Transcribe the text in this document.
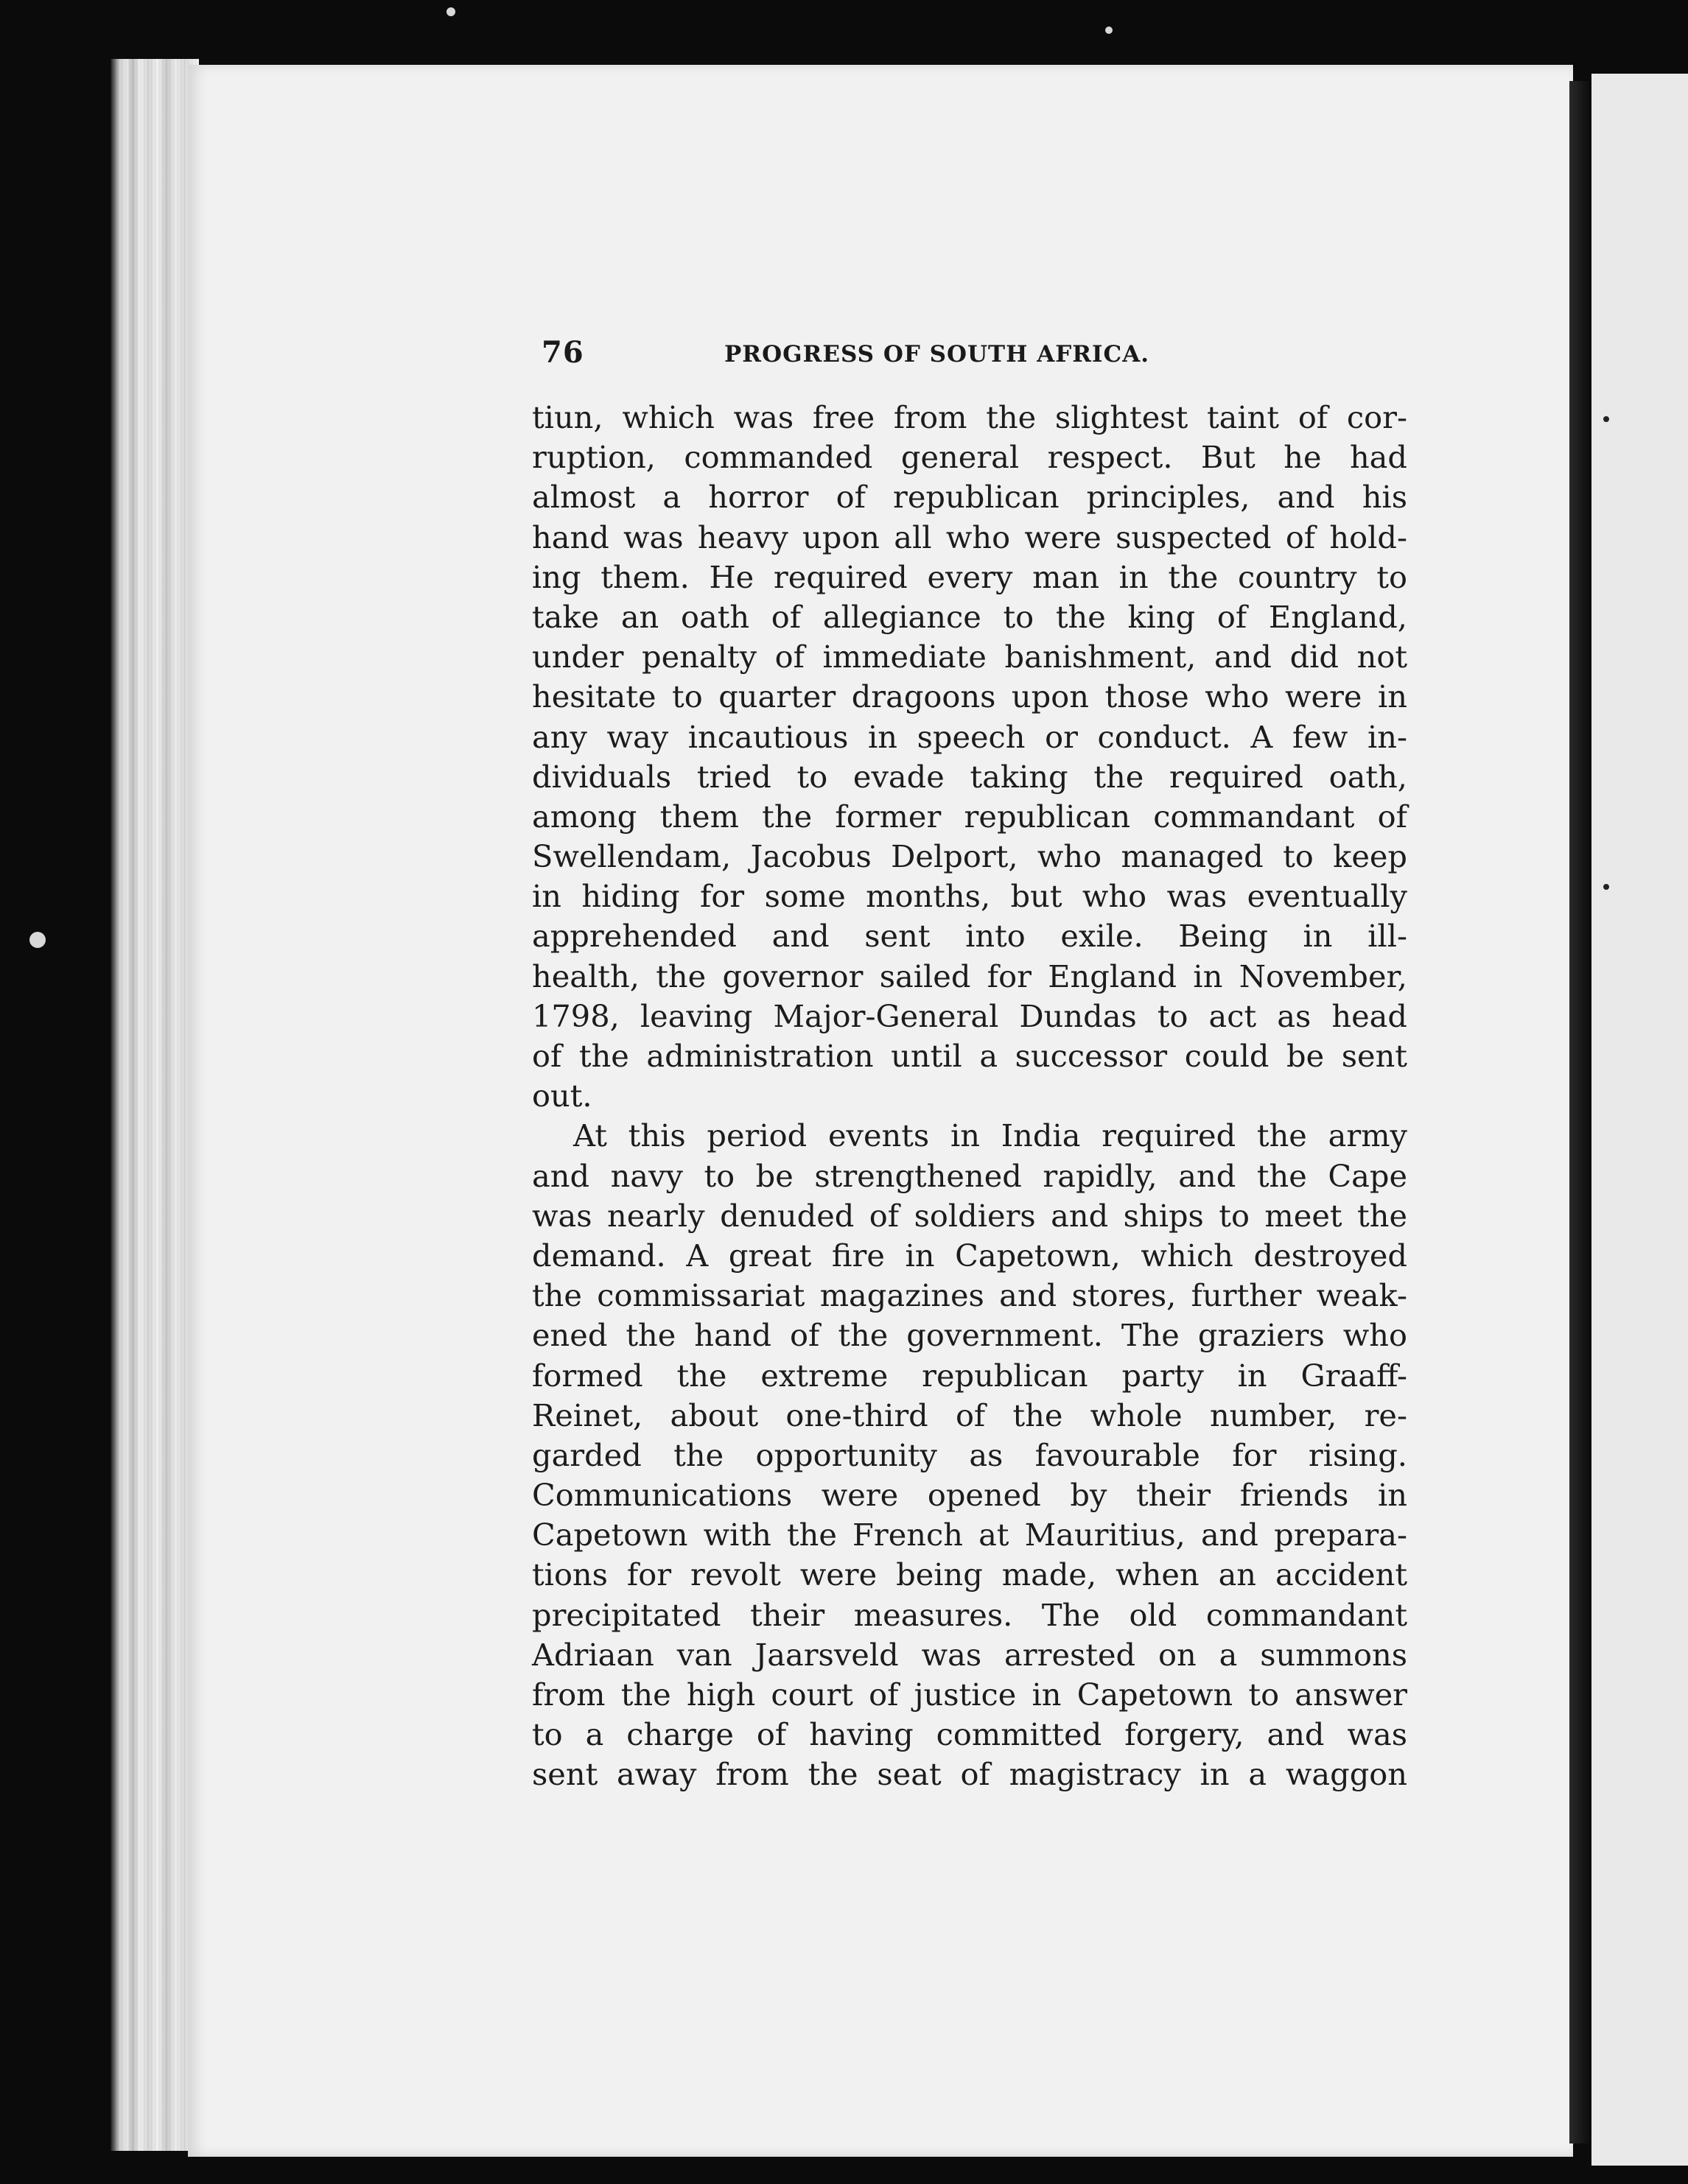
76	PROGRESS OF SOUTH AFRICA.
tiun, which was free from the slightest taint of cor-
ruption, commanded general respect. But he had
almost a horror of republican principles, and his
hand was heavy upon all who were suspected of hold-
ing them. He required every man in the country to
take an oath of allegiance to the king of England,
under penalty of immediate banishment, and did not
hesitate to quarter dragoons upon those who were in
any way incautious in speech or conduct. A few in-
dividuals tried to evade taking the required oath,
among them the former republican commandant of
Swellendam, Jacobus Delport, who managed to keep
in hiding for some months, but who was eventually
apprehended and sent into exile. Being in ill-
health, the governor sailed for England in November,
1798, leaving Major-General Dundas to act as head
of the administration until a successor could be sent
out.
At this period events in India required the army
and navy to be strengthened rapidly, and the Cape
was nearly denuded of soldiers and ships to meet the
demand. A great fire in Capetown, which destroyed
the commissariat magazines and stores, further weak-
ened the hand of the government. The graziers who
formed the extreme republican party in Graaff-
Reinet, about one-third of the whole number, re-
garded the opportunity as favourable for rising.
Communications were opened by their friends in
Capetown with the French at Mauritius, and prepara-
tions for revolt were being made, when an accident
precipitated their measures. The old commandant
Adriaan van Jaarsveld was arrested on a summons
from the high court of justice in Capetown to answer
to a charge of having committed forgery, and was
sent away from the seat of magistracy in a waggon
